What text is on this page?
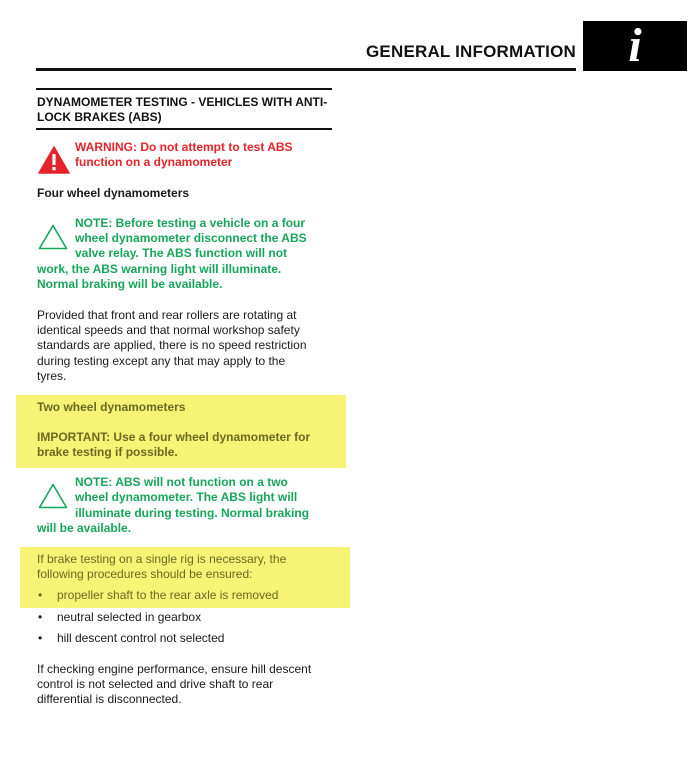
GENERAL INFORMATION	i
DYNAMOMETER TESTING - VEHICLES WITH ANTI-LOCK BRAKES (ABS)
WARNING: Do not attempt to test ABS
function on a dynamometer
Four wheel dynamometers
NOTE: Before testing a vehicle on a four
wheel dynamometer disconnect the ABS
valve relay. The ABS function will not
work, the ABS warning light will illuminate.
Normal braking will be available.
Provided that front and rear rollers are rotating at
identical speeds and that normal workshop safety
standards are applied, there is no speed restriction
during testing except any that may apply to the
tyres.
Two wheel dynamometers
IMPORTANT: Use a four wheel dynamometer for
brake testing if possible.
NOTE: ABS will not function on a two
wheel dynamometer. The ABS light will
illuminate during testing. Normal braking
will be available.
If brake testing on a single rig is necessary, the
following procedures should be ensured:
• propeller shaft to the rear axle is removed
• neutral selected in gearbox
• hill descent control not selected
If checking engine performance, ensure hill descent
control is not selected and drive shaft to rear
differential is disconnected.
